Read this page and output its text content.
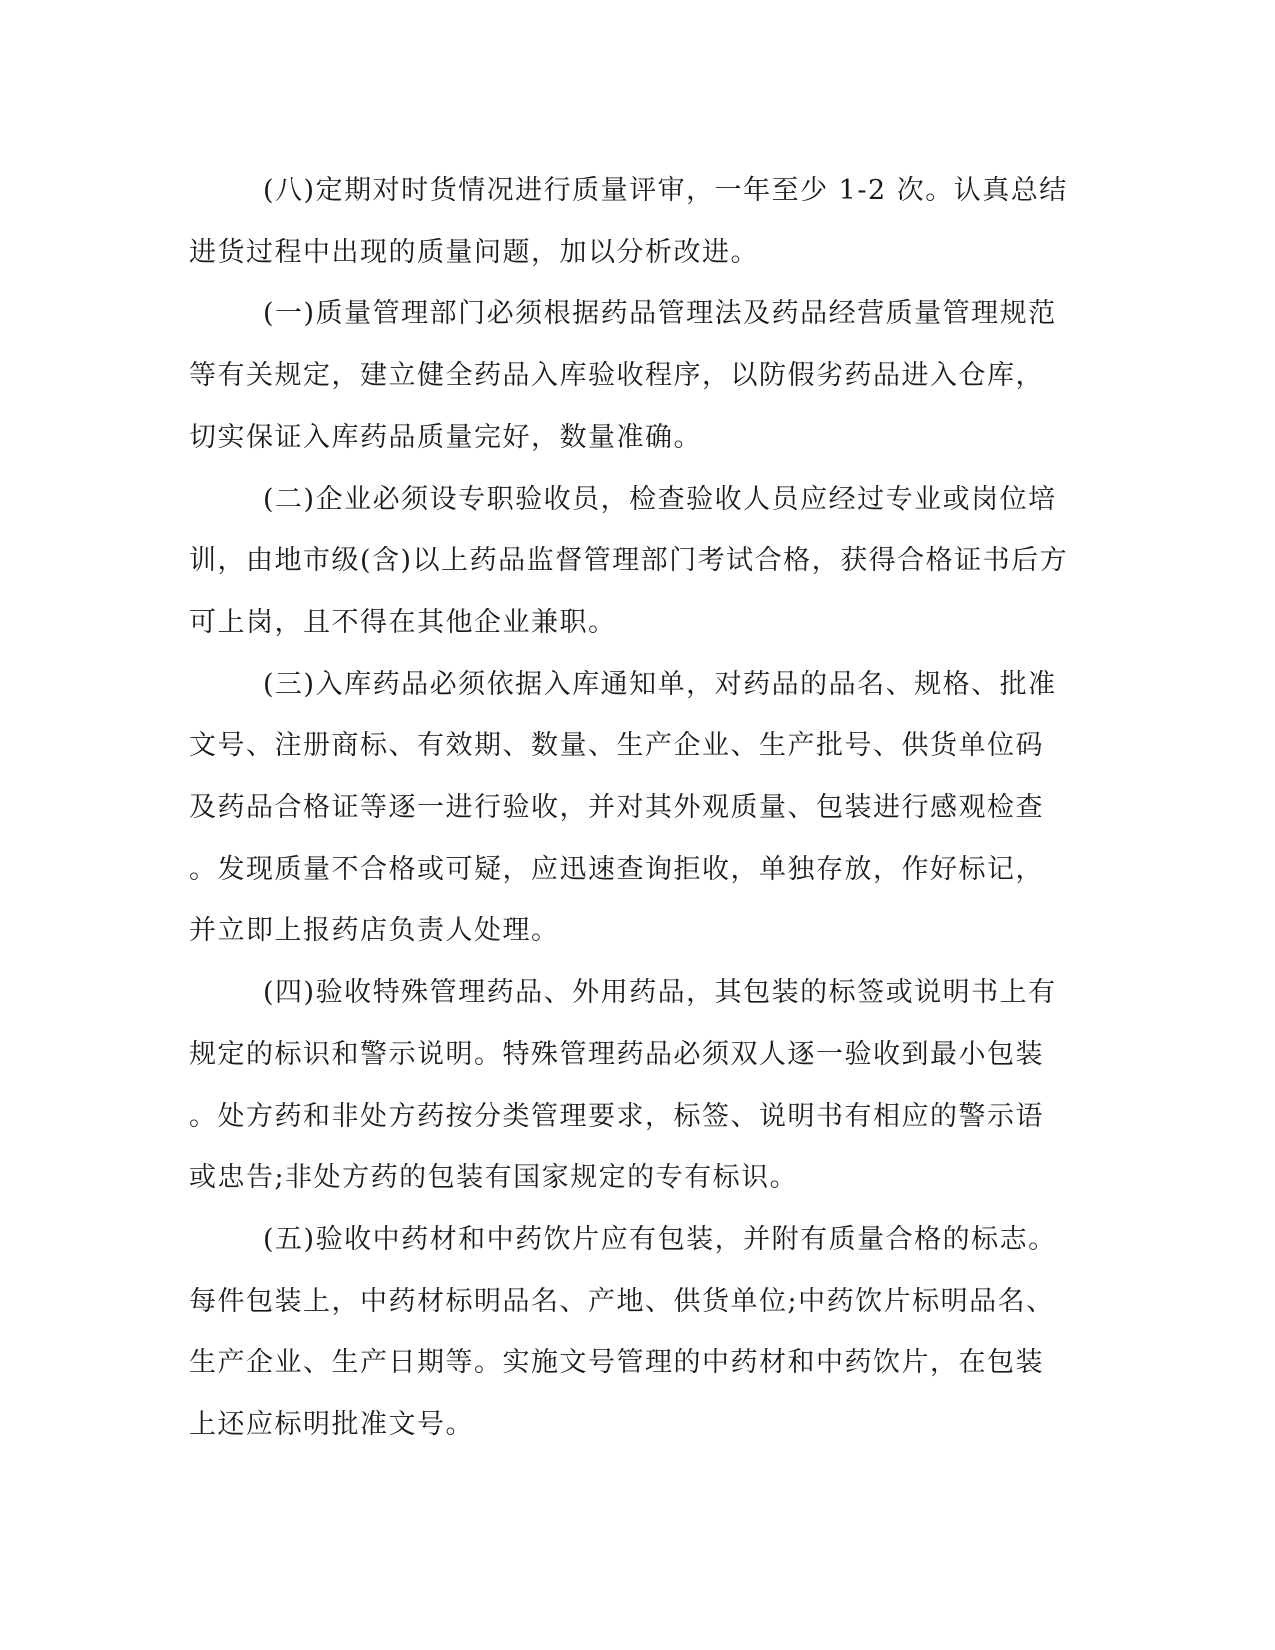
(八)定期对时货情况进行质量评审，一年至少 1-2 次。认真总结
进货过程中出现的质量问题，加以分析改进。
(一)质量管理部门必须根据药品管理法及药品经营质量管理规范
等有关规定，建立健全药品入库验收程序，以防假劣药品进入仓库，
切实保证入库药品质量完好，数量准确。
(二)企业必须设专职验收员，检查验收人员应经过专业或岗位培
训，由地市级(含)以上药品监督管理部门考试合格，获得合格证书后方
可上岗，且不得在其他企业兼职。
(三)入库药品必须依据入库通知单，对药品的品名、规格、批准
文号、注册商标、有效期、数量、生产企业、生产批号、供货单位码
及药品合格证等逐一进行验收，并对其外观质量、包装进行感观检查
。发现质量不合格或可疑，应迅速查询拒收，单独存放，作好标记，
并立即上报药店负责人处理。
(四)验收特殊管理药品、外用药品，其包装的标签或说明书上有
规定的标识和警示说明。特殊管理药品必须双人逐一验收到最小包装
。处方药和非处方药按分类管理要求，标签、说明书有相应的警示语
或忠告;非处方药的包装有国家规定的专有标识。
(五)验收中药材和中药饮片应有包装，并附有质量合格的标志。
每件包装上，中药材标明品名、产地、供货单位;中药饮片标明品名、
生产企业、生产日期等。实施文号管理的中药材和中药饮片，在包装
上还应标明批准文号。
